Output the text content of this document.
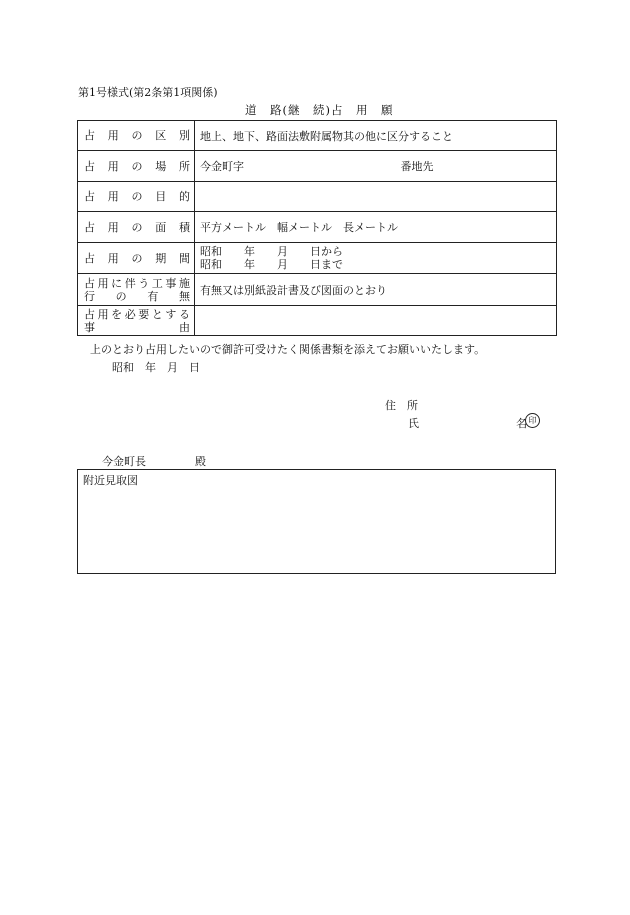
第1号様式(第2条第1項関係)
道　路(継　続)占　用　願
占用の区別	地上、地下、路面法敷附属物其の他に区分すること

占用の場所	今金町字 番地先

占用の目的	

占用の面積	平方メートル　幅メートル　長メートル

占用の期間	昭和　　年　　月　　日から
昭和　　年　　月　　日まで

占用に伴う工事施
行の有無	有無又は別紙設計書及び図面のとおり

占用を必要とする
事由	

上のとおり占用したいので御許可受けたく関係書類を添えてお願いいたします。
昭和　年　月　日
住　所
氏	名 印
今金町長	殿
附近見取図
